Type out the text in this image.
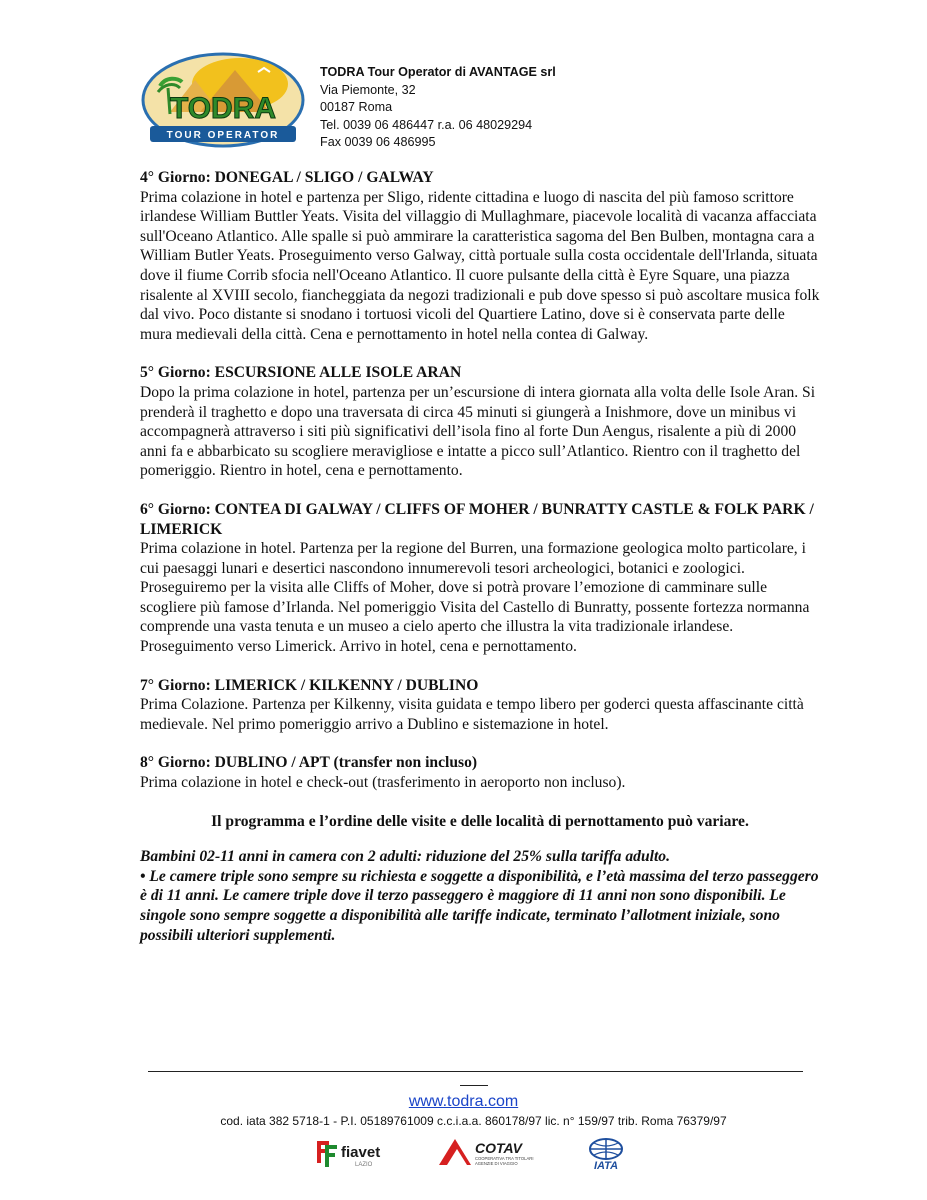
TODRA
TOUR OPERATOR
TODRA Tour Operator di AVANTAGE srl
Via Piemonte, 32
00187 Roma
Tel. 0039 06 486447 r.a. 06 48029294
Fax 0039 06 486995
4° Giorno: DONEGAL / SLIGO / GALWAY

Prima colazione in hotel e partenza per Sligo, ridente cittadina e luogo di nascita del più famoso scrittore irlandese William Buttler Yeats. Visita del villaggio di Mullaghmare, piacevole località di vacanza affacciata sull'Oceano Atlantico. Alle spalle si può ammirare la caratteristica sagoma del Ben Bulben, montagna cara a William Butler Yeats. Proseguimento verso Galway, città portuale sulla costa occidentale dell'Irlanda, situata dove il fiume Corrib sfocia nell'Oceano Atlantico. Il cuore pulsante della città è Eyre Square, una piazza risalente al XVIII secolo, fiancheggiata da negozi tradizionali e pub dove spesso si può ascoltare musica folk dal vivo. Poco distante si snodano i tortuosi vicoli del Quartiere Latino, dove si è conservata parte delle mura medievali della città. Cena e pernottamento in hotel nella contea di Galway.

5° Giorno: ESCURSIONE ALLE ISOLE ARAN

Dopo la prima colazione in hotel, partenza per un’escursione di intera giornata alla volta delle Isole Aran. Si prenderà il traghetto e dopo una traversata di circa 45 minuti si giungerà a Inishmore, dove un minibus vi accompagnerà attraverso i siti più significativi dell’isola fino al forte Dun Aengus, risalente a più di 2000 anni fa e abbarbicato su scogliere meravigliose e intatte a picco sull’Atlantico. Rientro con il traghetto del pomeriggio. Rientro in hotel, cena e pernottamento.

6° Giorno: CONTEA DI GALWAY / CLIFFS OF MOHER / BUNRATTY CASTLE & FOLK PARK / LIMERICK

Prima colazione in hotel. Partenza per la regione del Burren, una formazione geologica molto particolare, i cui paesaggi lunari e desertici nascondono innumerevoli tesori archeologici, botanici e zoologici. Proseguiremo per la visita alle Cliffs of Moher, dove si potrà provare l’emozione di camminare sulle scogliere più famose d’Irlanda. Nel pomeriggio Visita del Castello di Bunratty, possente fortezza normanna comprende una vasta tenuta e un museo a cielo aperto che illustra la vita tradizionale irlandese. Proseguimento verso Limerick. Arrivo in hotel, cena e pernottamento.

7° Giorno: LIMERICK / KILKENNY / DUBLINO

Prima Colazione. Partenza per Kilkenny, visita guidata e tempo libero per goderci questa affascinante città medievale. Nel primo pomeriggio arrivo a Dublino e sistemazione in hotel.

8° Giorno: DUBLINO / APT (transfer non incluso)

Prima colazione in hotel e check-out (trasferimento in aeroporto non incluso).

Il programma e l’ordine delle visite e delle località di pernottamento può variare.

Bambini 02-11 anni in camera con 2 adulti: riduzione del 25% sulla tariffa adulto.

• Le camere triple sono sempre su richiesta e soggette a disponibilità, e l’età massima del terzo passeggero è di 11 anni. Le camere triple dove il terzo passeggero è maggiore di 11 anni non sono disponibili. Le singole sono sempre soggette a disponibilità alle tariffe indicate, terminato l’allotment iniziale, sono possibili ulteriori supplementi.

www.todra.com
cod. iata 382 5718-1 - P.I. 05189761009 c.c.i.a.a. 860178/97 lic. n° 159/97 trib. Roma 76379/97
fiavet
LAZIO
COTAV
COOPERATIVA TRA TITOLARI AGENZIE DI VIAGGIO	IATA
